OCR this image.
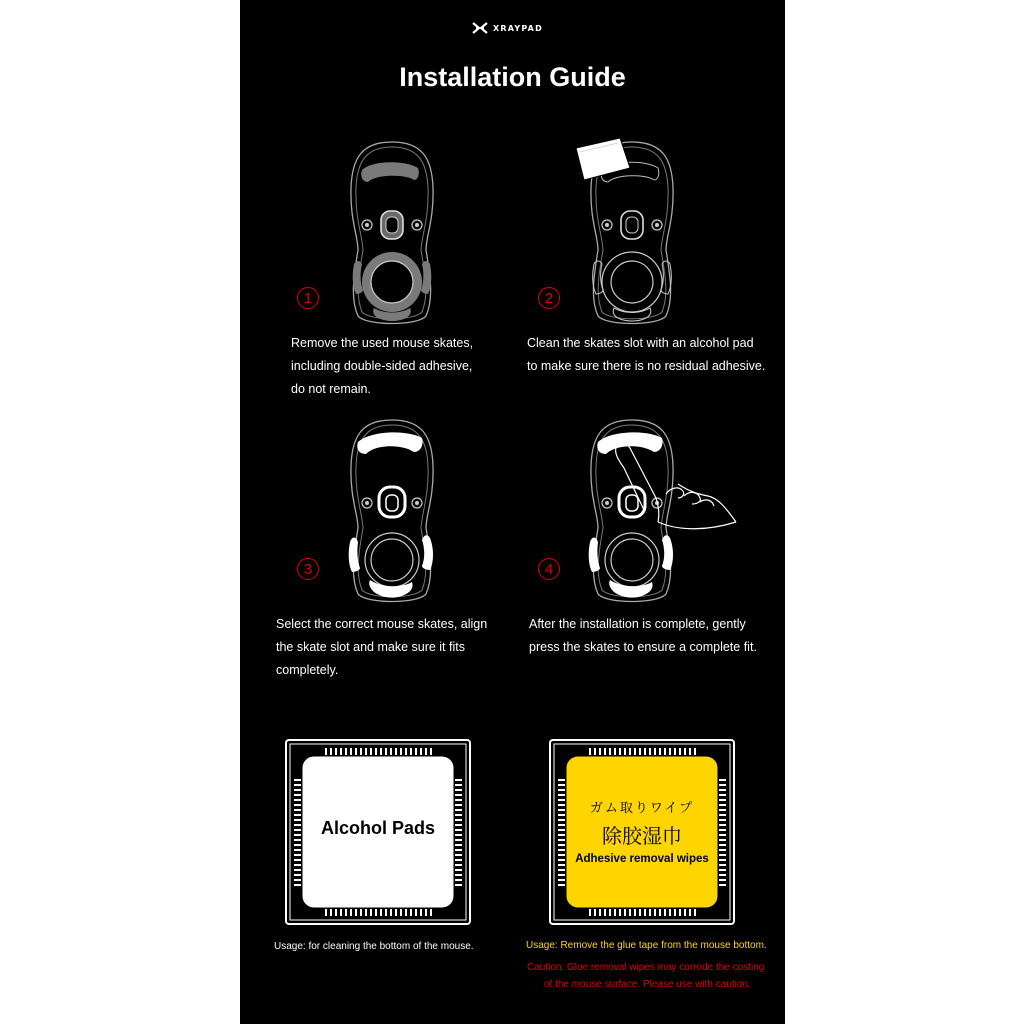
XRAYPAD
Installation Guide
1
Remove the used mouse skates,
including double-sided adhesive,
do not remain.
2
Clean the skates slot with an alcohol pad
to make sure there is no residual adhesive.
3
Select the correct mouse skates, align
the skate slot and make sure it fits
completely.
4
After the installation is complete, gently
press the skates to ensure a complete fit.
Alcohol Pads
ガム取りワイプ
除胶湿巾
Adhesive removal wipes
Usage: for cleaning the bottom of the mouse.	Usage: Remove the glue tape from the mouse bottom.
Caution: Glue removal wipes may corrode the costing
of the mouse surface. Please use with caution.
